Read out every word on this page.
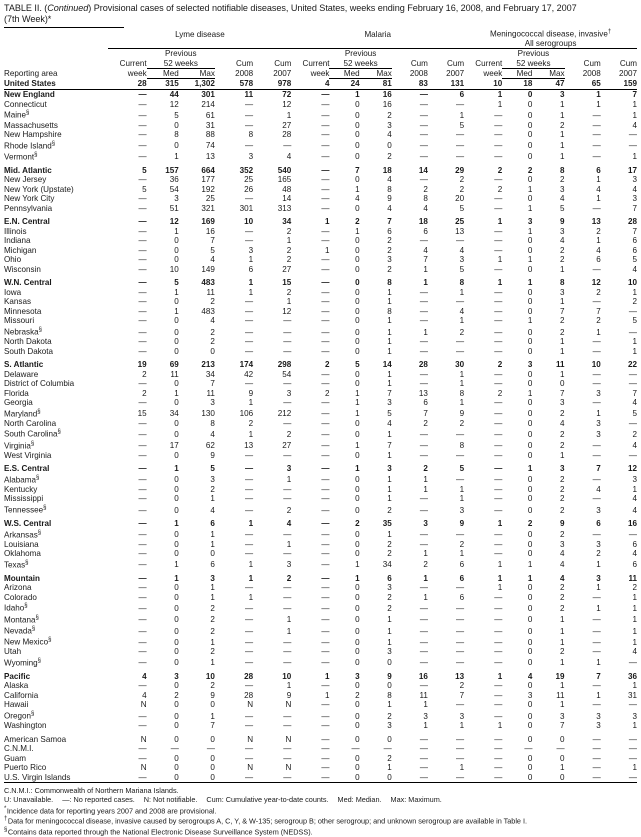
TABLE II. (Continued) Provisional cases of selected notifiable diseases, United States, weeks ending February 16, 2008, and February 17, 2007
(7th Week)*
	Lyme disease					Malaria					Meningococcal disease, invasive†
											All serogroups				
		Previous					Previous					Previous			
	Current	52 weeks		Cum	Cum	Current	52 weeks		Cum	Cum	Current	52 weeks		Cum	Cum
Reporting area	week	Med	Max	2008	2007	week	Med	Max	2008	2007	week	Med	Max	2008	2007
United States	28	315	1,302	578	978	4	24	81	83	131	10	18	47	65	159
New England	—	44	301	11	72	—	1	16	—	6	1	0	3	1	7
Connecticut	—	12	214	—	12	—	0	16	—	—	1	0	1	1	1
Maine§	—	5	61	—	1	—	0	2	—	1	—	0	1	—	1
Massachusetts	—	0	31	—	27	—	0	3	—	5	—	0	2	—	4
New Hampshire	—	8	88	8	28	—	0	4	—	—	—	0	1	—	—
Rhode Island§	—	0	74	—	—	—	0	0	—	—	—	0	1	—	—
Vermont§	—	1	13	3	4	—	0	2	—	—	—	0	1	—	1

Mid. Atlantic	5	157	664	352	540	—	7	18	14	29	2	2	8	6	17
New Jersey	—	36	177	25	165	—	0	4	—	2	—	0	2	1	3
New York (Upstate)	5	54	192	26	48	—	1	8	2	2	2	1	3	4	4
New York City	—	3	25	—	14	—	4	9	8	20	—	0	4	1	3
Pennsylvania	—	51	321	301	313	—	0	4	4	5	—	1	5	—	7

E.N. Central	—	12	169	10	34	1	2	7	18	25	1	3	9	13	28
Illinois	—	1	16	—	2	—	1	6	6	13	—	1	3	2	7
Indiana	—	0	7	—	1	—	0	2	—	—	—	0	4	1	6
Michigan	—	0	5	3	2	1	0	2	4	4	—	0	2	4	6
Ohio	—	0	4	1	2	—	0	3	7	3	1	1	2	6	5
Wisconsin	—	10	149	6	27	—	0	2	1	5	—	0	1	—	4

W.N. Central	—	5	483	1	15	—	0	8	1	8	1	1	8	12	10
Iowa	—	1	11	1	2	—	0	1	—	1	—	0	3	2	1
Kansas	—	0	2	—	1	—	0	1	—	—	—	0	1	—	2
Minnesota	—	1	483	—	12	—	0	8	—	4	—	0	7	7	—
Missouri	—	0	4	—	—	—	0	1	—	1	—	1	2	2	5
Nebraska§	—	0	2	—	—	—	0	1	1	2	—	0	2	1	—
North Dakota	—	0	2	—	—	—	0	1	—	—	—	0	1	—	1
South Dakota	—	0	0	—	—	—	0	1	—	—	—	0	1	—	1

S. Atlantic	19	69	213	174	298	2	5	14	28	30	2	3	11	10	22
Delaware	2	11	34	42	54	—	0	1	—	1	—	0	1	—	—
District of Columbia	—	0	7	—	—	—	0	1	—	1	—	0	0	—	—
Florida	2	1	11	9	3	2	1	7	13	8	2	1	7	3	7
Georgia	—	0	3	1	—	—	1	3	6	1	—	0	3	—	4
Maryland§	15	34	130	106	212	—	1	5	7	9	—	0	2	1	5
North Carolina	—	0	8	2	—	—	0	4	2	2	—	0	4	3	—
South Carolina§	—	0	4	1	2	—	0	1	—	—	—	0	2	3	2
Virginia§	—	17	62	13	27	—	1	7	—	8	—	0	2	—	4
West Virginia	—	0	9	—	—	—	0	1	—	—	—	0	1	—	—

E.S. Central	—	1	5	—	3	—	1	3	2	5	—	1	3	7	12
Alabama§	—	0	3	—	1	—	0	1	1	—	—	0	2	—	3
Kentucky	—	0	2	—	—	—	0	1	1	1	—	0	2	4	1
Mississippi	—	0	1	—	—	—	0	1	—	1	—	0	2	—	4
Tennessee§	—	0	4	—	2	—	0	2	—	3	—	0	2	3	4

W.S. Central	—	1	6	1	4	—	2	35	3	9	1	2	9	6	16
Arkansas§	—	0	1	—	—	—	0	1	—	—	—	0	2	—	—
Louisiana	—	0	1	—	1	—	0	2	—	2	—	0	3	3	6
Oklahoma	—	0	0	—	—	—	0	2	1	1	—	0	4	2	4
Texas§	—	1	6	1	3	—	1	34	2	6	1	1	4	1	6

Mountain	—	1	3	1	2	—	1	6	1	6	1	1	4	3	11
Arizona	—	0	1	—	—	—	0	3	—	—	1	0	2	1	2
Colorado	—	0	1	1	—	—	0	2	1	6	—	0	2	—	1
Idaho§	—	0	2	—	—	—	0	2	—	—	—	0	2	1	1
Montana§	—	0	2	—	1	—	0	1	—	—	—	0	1	—	1
Nevada§	—	0	2	—	1	—	0	1	—	—	—	0	1	—	1
New Mexico§	—	0	1	—	—	—	0	1	—	—	—	0	1	—	1
Utah	—	0	2	—	—	—	0	3	—	—	—	0	2	—	4
Wyoming§	—	0	1	—	—	—	0	0	—	—	—	0	1	1	—

Pacific	4	3	10	28	10	1	3	9	16	13	1	4	19	7	36
Alaska	—	0	2	—	1	—	0	0	—	2	—	0	1	—	1
California	4	2	9	28	9	1	2	8	11	7	—	3	11	1	31
Hawaii	N	0	0	N	N	—	0	1	1	—	—	0	1	—	—
Oregon§	—	0	1	—	—	—	0	2	3	3	—	0	3	3	3
Washington	—	0	7	—	—	—	0	3	1	1	1	0	7	3	1

American Samoa	N	0	0	N	N	—	0	0	—	—	—	0	0	—	—
C.N.M.I.	—	—	—	—	—	—	—	—	—	—	—	—	—	—	—
Guam	—	0	0	—	—	—	0	2	—	—	—	0	0	—	—
Puerto Rico	N	0	0	N	N	—	0	1	—	1	—	0	1	—	1
U.S. Virgin Islands	—	0	0	—	—	—	0	0	—	—	—	0	0	—	—

C.N.M.I.: Commonwealth of Northern Mariana Islands.
U: Unavailable. —: No reported cases. N: Not notifiable. Cum: Cumulative year-to-date counts. Med: Median. Max: Maximum.
*Incidence data for reporting years 2007 and 2008 are provisional.
†Data for meningococcal disease, invasive caused by serogroups A, C, Y, & W-135; serogroup B; other serogroup; and unknown serogroup are available in Table I.
§Contains data reported through the National Electronic Disease Surveillance System (NEDSS).
